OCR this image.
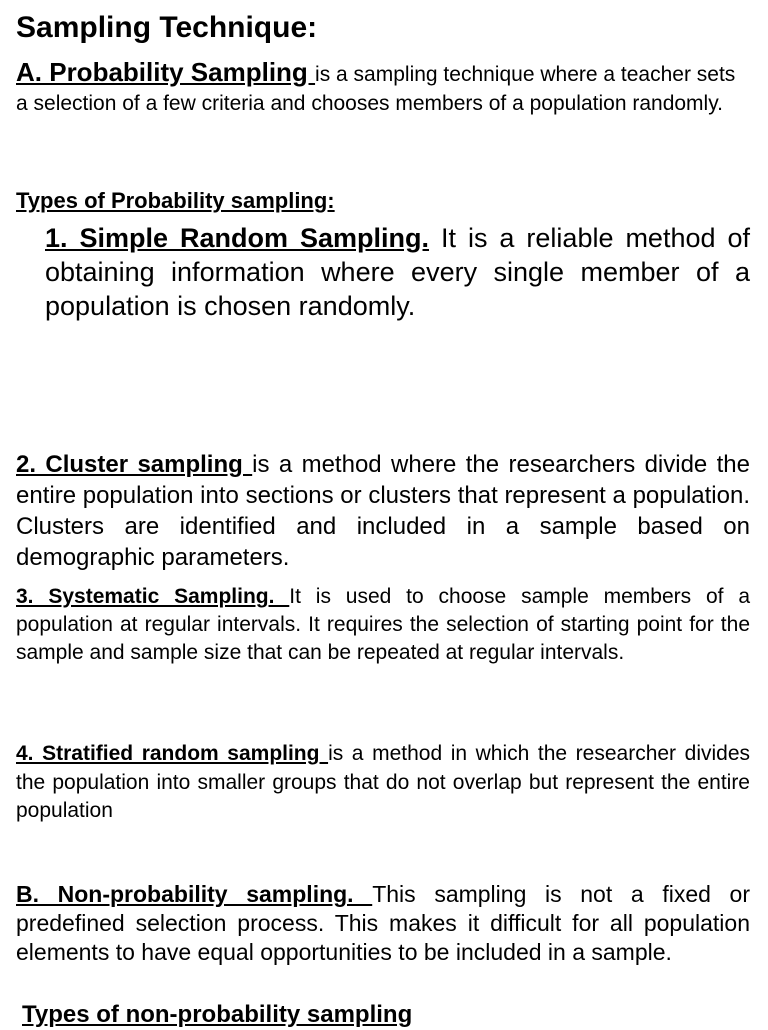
Sampling Technique:

A. Probability Sampling is a sampling technique where a teacher sets a selection of a few criteria and chooses members of a population randomly.

Types of Probability sampling:

1. Simple Random Sampling. It is a reliable method of obtaining information where every single member of a population is chosen randomly.

2. Cluster sampling is a method where the researchers divide the entire population into sections or clusters that represent a population. Clusters are identified and included in a sample based on demographic parameters.

3. Systematic Sampling. It is used to choose sample members of a population at regular intervals. It requires the selection of starting point for the sample and sample size that can be repeated at regular intervals.

4. Stratified random sampling is a method in which the researcher divides the population into smaller groups that do not overlap but represent the entire population

B. Non-probability sampling. This sampling is not a fixed or predefined selection process. This makes it difficult for all population elements to have equal opportunities to be included in a sample.

Types of non-probability sampling
